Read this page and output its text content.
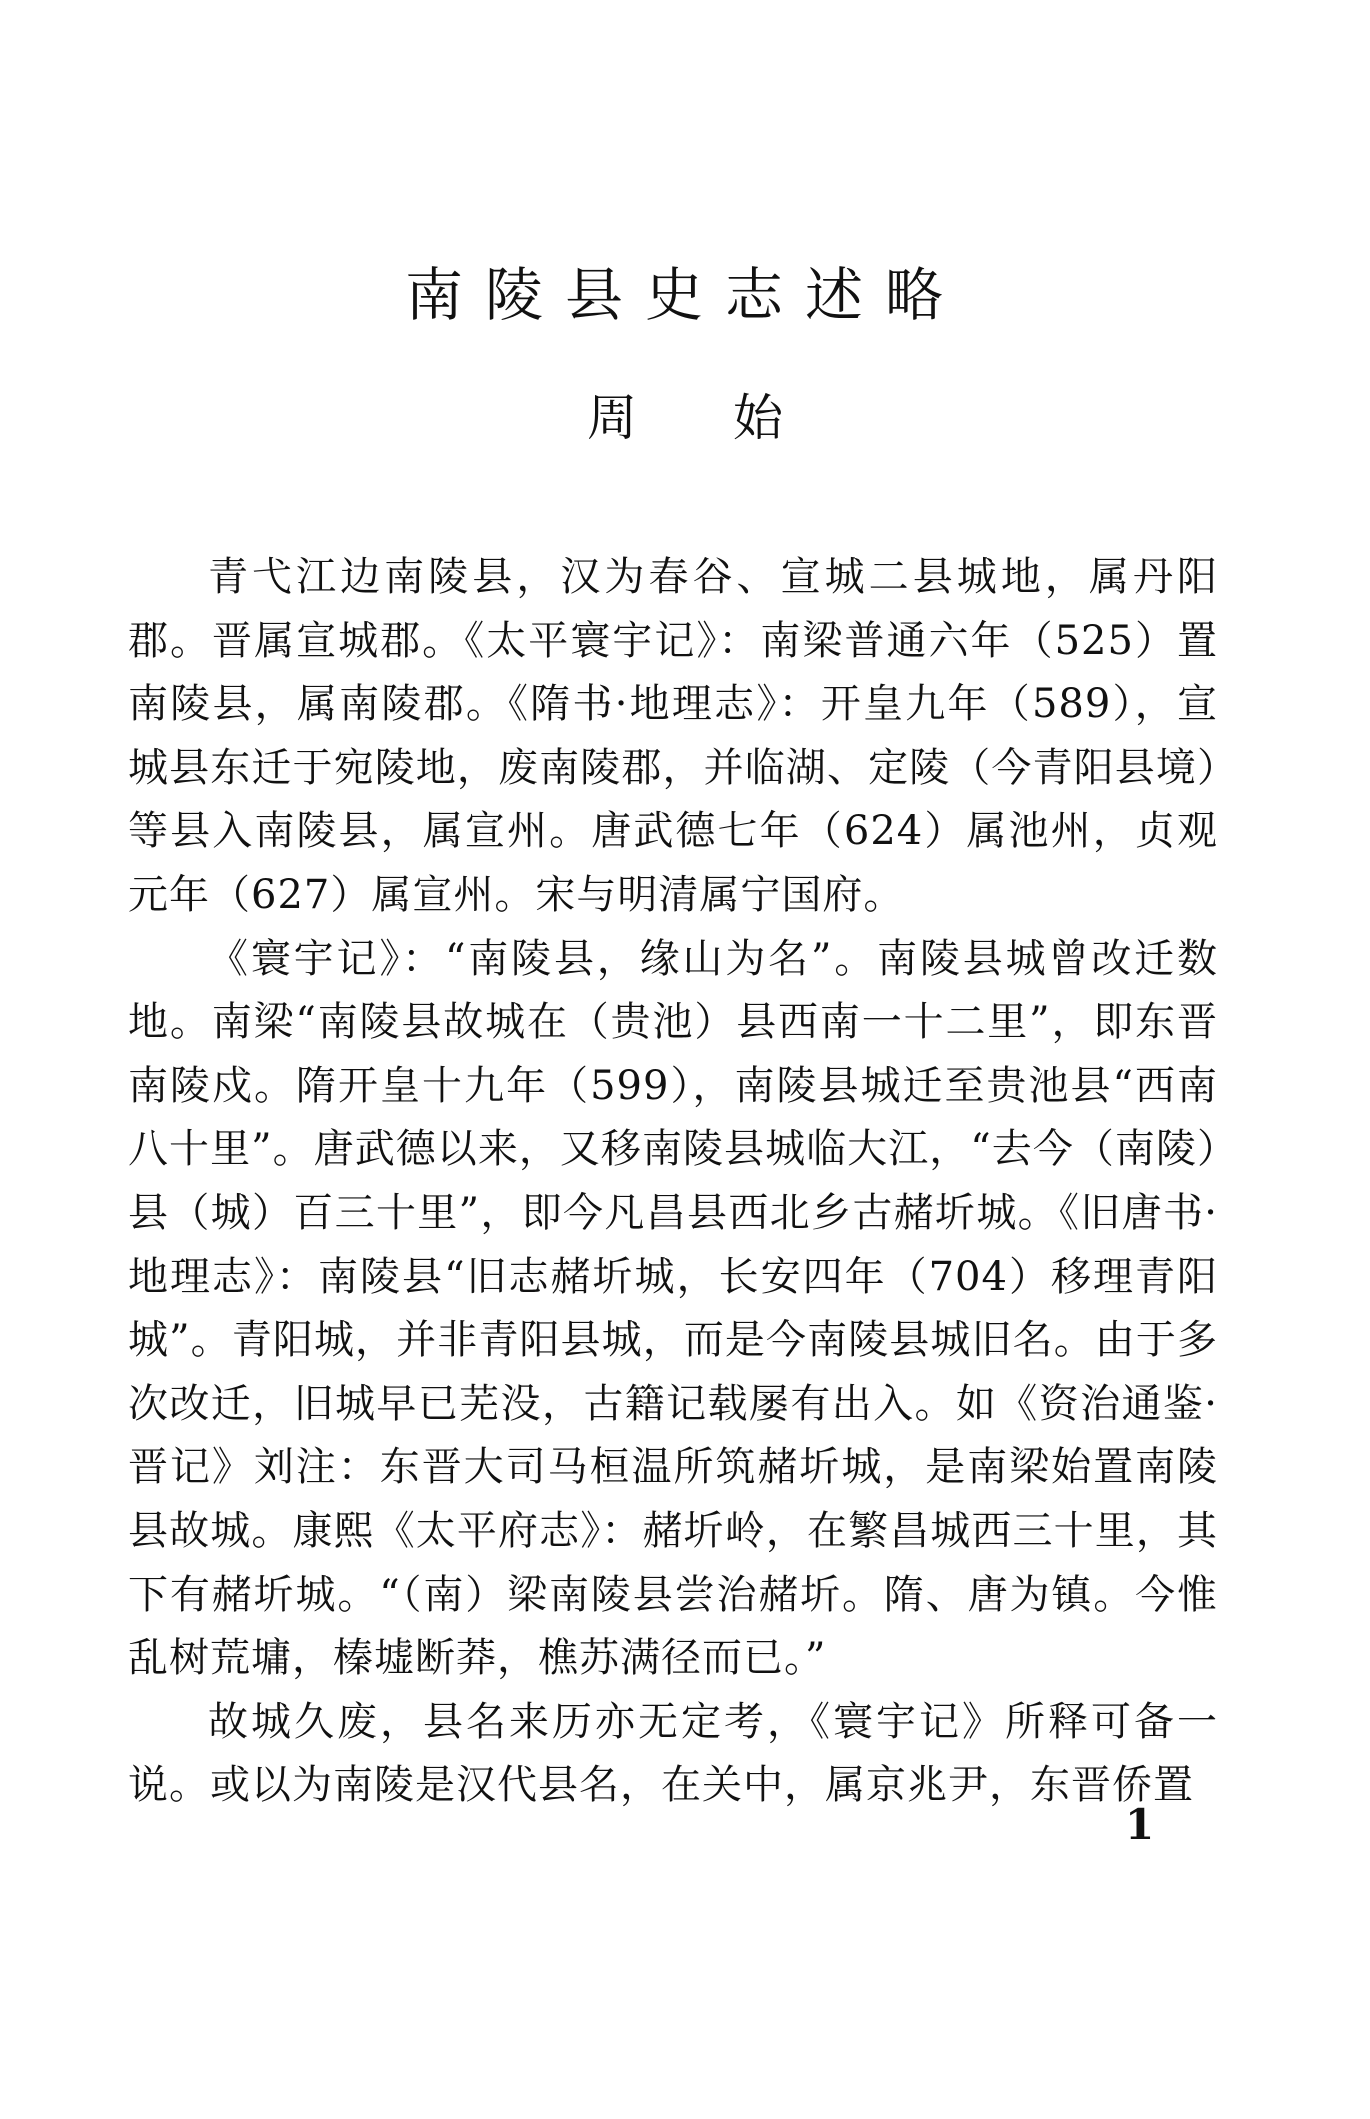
南陵县史志述略
周 始

青弋江边南陵县，汉为春谷、宣城二县城地，属丹阳郡。晋属宣城郡。《太平寰宇记》：南梁普通六年（525）置南陵县，属南陵郡。《隋书·地理志》：开皇九年（589），宣城县东迁于宛陵地，废南陵郡，并临湖、定陵（今青阳县境）等县入南陵县，属宣州。唐武德七年（624）属池州，贞观元年（627）属宣州。宋与明清属宁国府。

《寰宇记》：“南陵县，缘山为名”。南陵县城曾改迁数地。南梁“南陵县故城在（贵池）县西南一十二里”，即东晋南陵戍。隋开皇十九年（599），南陵县城迁至贵池县“西南八十里”。唐武德以来，又移南陵县城临大江，“去今（南陵）县（城）百三十里”，即今凡昌县西北乡古赭圻城。《旧唐书·地理志》：南陵县“旧志赭圻城，长安四年（704）移理青阳城”。青阳城，并非青阳县城，而是今南陵县城旧名。由于多次改迁，旧城早已芜没，古籍记载屡有出入。如《资治通鉴·晋记》刘注：东晋大司马桓温所筑赭圻城，是南梁始置南陵县故城。康熙《太平府志》：赭圻岭，在繁昌城西三十里，其下有赭圻城。“（南）梁南陵县尝治赭圻。隋、唐为镇。今惟乱树荒墉，榛墟断莽，樵苏满径而已。”

故城久废，县名来历亦无定考，《寰宇记》所释可备一说。或以为南陵是汉代县名，在关中，属京兆尹，东晋侨置

1
